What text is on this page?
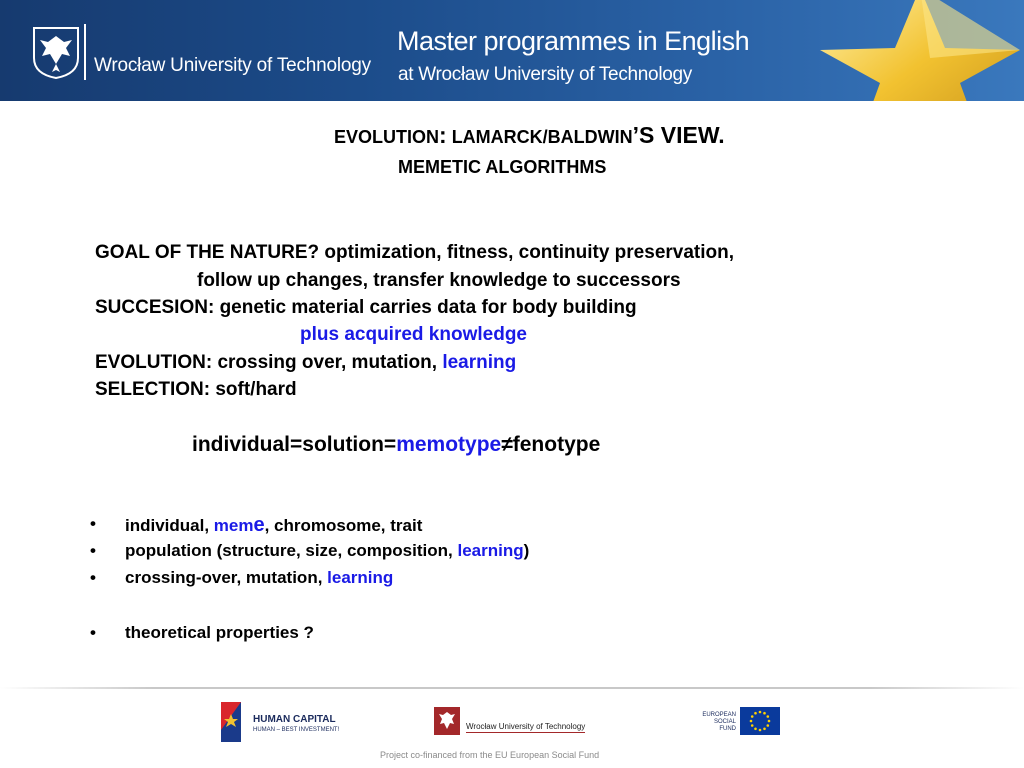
Wrocław University of Technology
Master programmes in English
at Wrocław University of Technology
EVOLUTION: LAMARCK/BALDWIN’S VIEW.
MEMETIC ALGORITHMS
GOAL OF THE NATURE? optimization, fitness, continuity preservation,
follow up changes, transfer knowledge to successors
SUCCESION: genetic material carries data for body building
plus acquired knowledge
EVOLUTION: crossing over, mutation, learning
SELECTION: soft/hard
individual=solution=memotype≠fenotype
• individual, meme, chromosome, trait
• population (structure, size, composition, learning)
• crossing-over, mutation, learning
• theoretical properties ?
HUMAN CAPITAL
HUMAN – BEST INVESTMENT!	Wrocław University of Technology
EUROPEAN
SOCIAL FUND
Project co-financed from the EU European Social Fund
